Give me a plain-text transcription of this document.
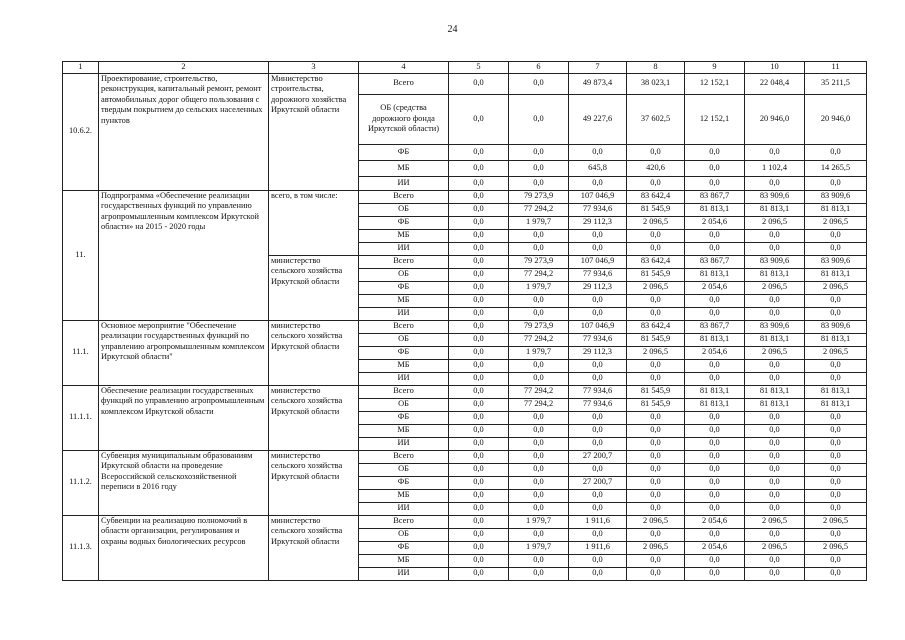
24
1	2	3	4	5	6	7	8	9	10	11
10.6.2.	Проектирование, строительство, реконструкция, капитальный ремонт, ремонт автомобильных дорог общего пользования с твердым покрытием до сельских населенных пунктов	Министерство строительства, дорожного хозяйства Иркутской области	Всего	0,0	0,0	49 873,4	38 023,1	12 152,1	22 048,4	35 211,5
			ОБ (средства дорожного фонда Иркутской области)	0,0	0,0	49 227,6	37 602,5	12 152,1	20 946,0	20 946,0
			ФБ	0,0	0,0	0,0	0,0	0,0	0,0	0,0
			МБ	0,0	0,0	645,8	420,6	0,0	1 102,4	14 265,5
			ИИ	0,0	0,0	0,0	0,0	0,0	0,0	0,0
11.	Подпрограмма «Обеспечение реализации государственных функций по управлению агропромышленным комплексом Иркутской области» на 2015 - 2020 годы	всего, в том числе:	Всего	0,0	79 273,9	107 046,9	83 642,4	83 867,7	83 909,6	83 909,6
			ОБ	0,0	77 294,2	77 934,6	81 545,9	81 813,1	81 813,1	81 813,1
			ФБ	0,0	1 979,7	29 112,3	2 096,5	2 054,6	2 096,5	2 096,5
			МБ	0,0	0,0	0,0	0,0	0,0	0,0	0,0
			ИИ	0,0	0,0	0,0	0,0	0,0	0,0	0,0
		министерство сельского хозяйства Иркутской области	Всего	0,0	79 273,9	107 046,9	83 642,4	83 867,7	83 909,6	83 909,6
			ОБ	0,0	77 294,2	77 934,6	81 545,9	81 813,1	81 813,1	81 813,1
			ФБ	0,0	1 979,7	29 112,3	2 096,5	2 054,6	2 096,5	2 096,5
			МБ	0,0	0,0	0,0	0,0	0,0	0,0	0,0
			ИИ	0,0	0,0	0,0	0,0	0,0	0,0	0,0
11.1.	Основное мероприятие "Обеспечение реализации государственных функций по управлению агропромышленным комплексом Иркутской области"	министерство сельского хозяйства Иркутской области	Всего	0,0	79 273,9	107 046,9	83 642,4	83 867,7	83 909,6	83 909,6
			ОБ	0,0	77 294,2	77 934,6	81 545,9	81 813,1	81 813,1	81 813,1
			ФБ	0,0	1 979,7	29 112,3	2 096,5	2 054,6	2 096,5	2 096,5
			МБ	0,0	0,0	0,0	0,0	0,0	0,0	0,0
			ИИ	0,0	0,0	0,0	0,0	0,0	0,0	0,0
11.1.1.	Обеспечение реализации государственных функций по управлению агропромышленным комплексом Иркутской области	министерство сельского хозяйства Иркутской области	Всего	0,0	77 294,2	77 934,6	81 545,9	81 813,1	81 813,1	81 813,1
			ОБ	0,0	77 294,2	77 934,6	81 545,9	81 813,1	81 813,1	81 813,1
			ФБ	0,0	0,0	0,0	0,0	0,0	0,0	0,0
			МБ	0,0	0,0	0,0	0,0	0,0	0,0	0,0
			ИИ	0,0	0,0	0,0	0,0	0,0	0,0	0,0
11.1.2.	Субвенция муниципальным образованиям Иркутской области на проведение Всероссийской сельскохозяйственной переписи в 2016 году	министерство сельского хозяйства Иркутской области	Всего	0,0	0,0	27 200,7	0,0	0,0	0,0	0,0
			ОБ	0,0	0,0	0,0	0,0	0,0	0,0	0,0
			ФБ	0,0	0,0	27 200,7	0,0	0,0	0,0	0,0
			МБ	0,0	0,0	0,0	0,0	0,0	0,0	0,0
			ИИ	0,0	0,0	0,0	0,0	0,0	0,0	0,0
11.1.3.	Субвенции на реализацию полномочий в области организации, регулирования и охраны водных биологических ресурсов	министерство сельского хозяйства Иркутской области	Всего	0,0	1 979,7	1 911,6	2 096,5	2 054,6	2 096,5	2 096,5
			ОБ	0,0	0,0	0,0	0,0	0,0	0,0	0,0
			ФБ	0,0	1 979,7	1 911,6	2 096,5	2 054,6	2 096,5	2 096,5
			МБ	0,0	0,0	0,0	0,0	0,0	0,0	0,0
			ИИ	0,0	0,0	0,0	0,0	0,0	0,0	0,0
